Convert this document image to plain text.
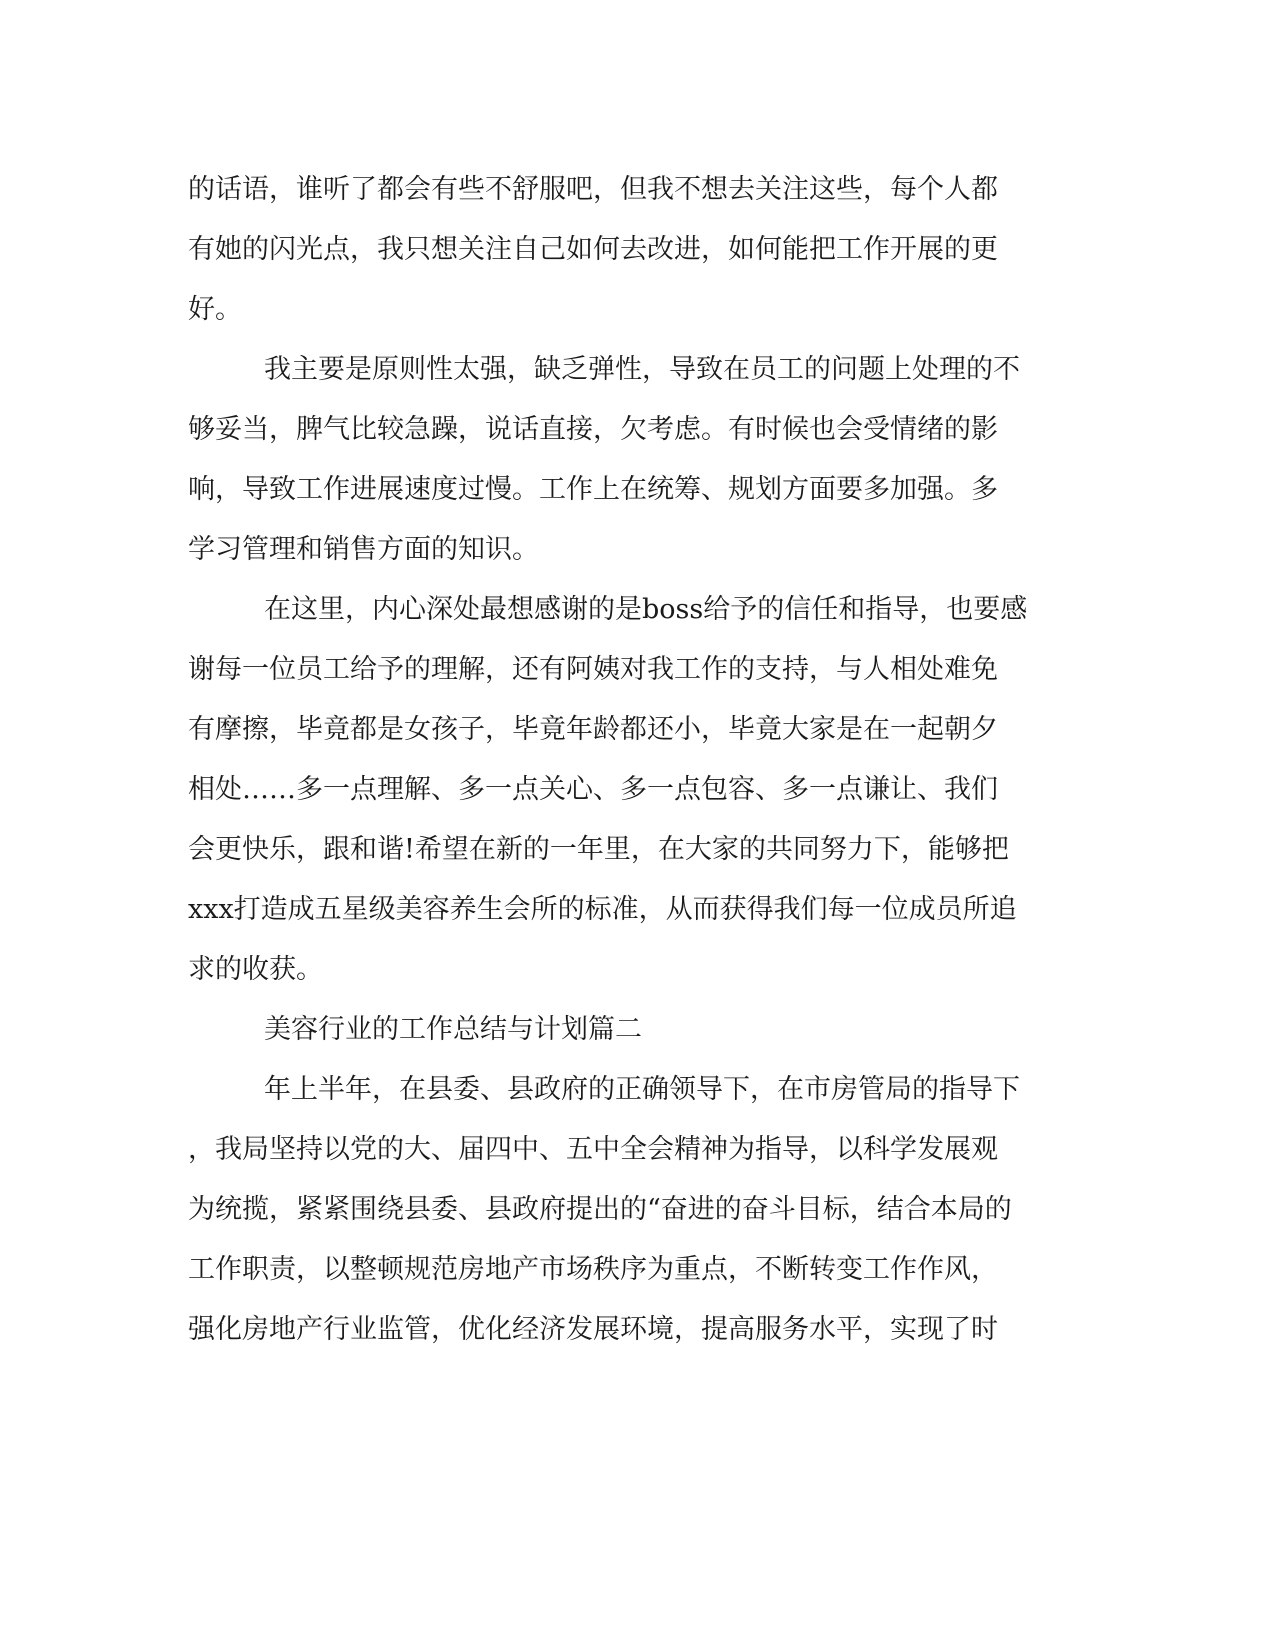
的话语，谁听了都会有些不舒服吧，但我不想去关注这些，每个人都
有她的闪光点，我只想关注自己如何去改进，如何能把工作开展的更
好。
我主要是原则性太强，缺乏弹性，导致在员工的问题上处理的不
够妥当，脾气比较急躁，说话直接，欠考虑。有时候也会受情绪的影
响，导致工作进展速度过慢。工作上在统筹、规划方面要多加强。多
学习管理和销售方面的知识。
在这里，内心深处最想感谢的是boss给予的信任和指导，也要感
谢每一位员工给予的理解，还有阿姨对我工作的支持，与人相处难免
有摩擦，毕竟都是女孩子，毕竟年龄都还小，毕竟大家是在一起朝夕
相处……多一点理解、多一点关心、多一点包容、多一点谦让、我们
会更快乐，跟和谐!希望在新的一年里，在大家的共同努力下，能够把
xxx打造成五星级美容养生会所的标准，从而获得我们每一位成员所追
求的收获。
美容行业的工作总结与计划篇二
年上半年，在县委、县政府的正确领导下，在市房管局的指导下
，我局坚持以党的大、届四中、五中全会精神为指导，以科学发展观
为统揽，紧紧围绕县委、县政府提出的“奋进的奋斗目标，结合本局的
工作职责，以整顿规范房地产市场秩序为重点，不断转变工作作风，
强化房地产行业监管，优化经济发展环境，提高服务水平，实现了时
